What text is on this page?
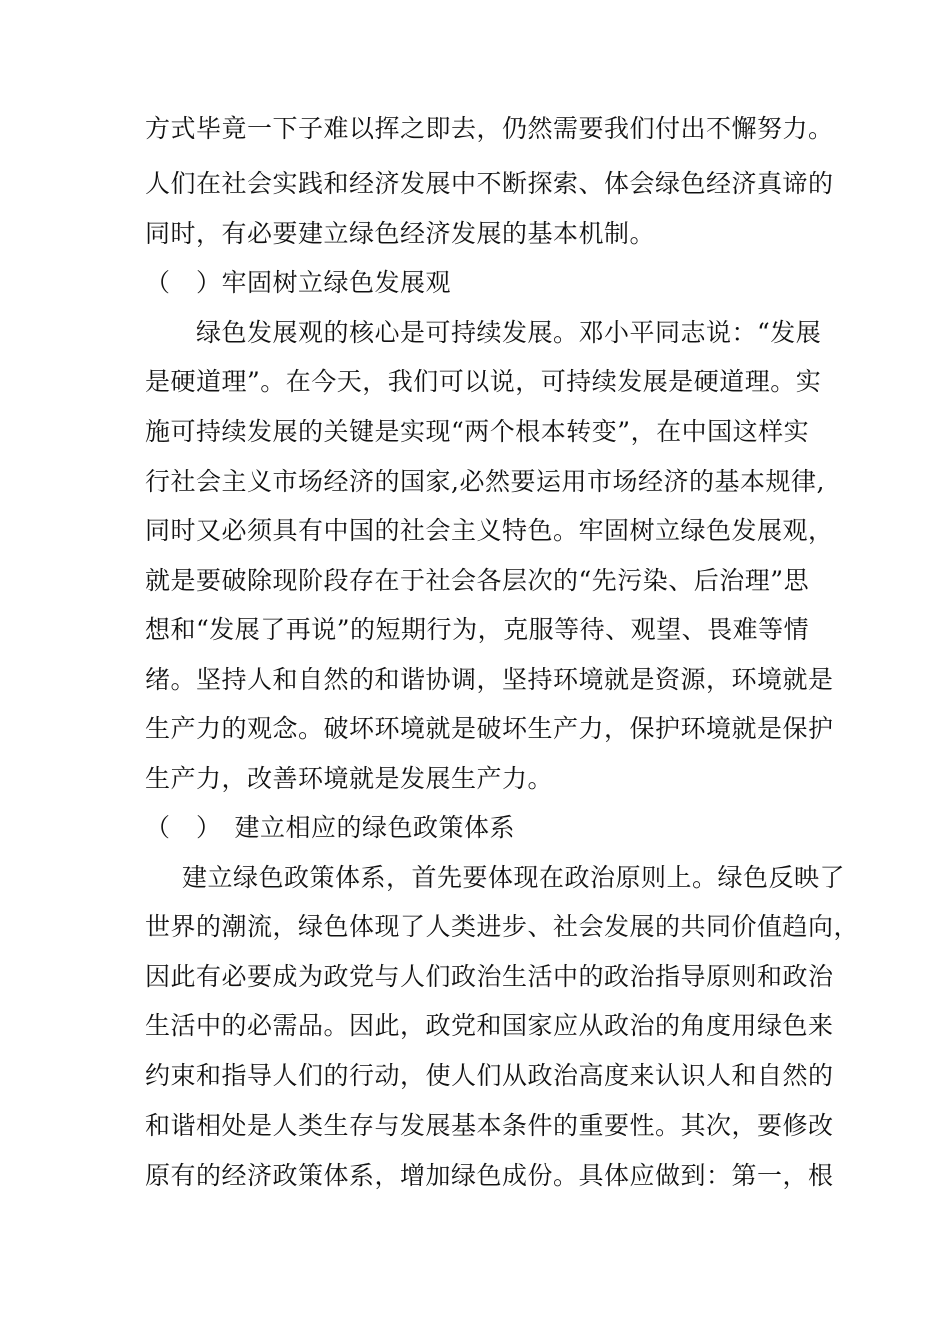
方式毕竟一下子难以挥之即去，仍然需要我们付出不懈努力。
人们在社会实践和经济发展中不断探索、体会绿色经济真谛的
同时，有必要建立绿色经济发展的基本机制。
（　）牢固树立绿色发展观
绿色发展观的核心是可持续发展。邓小平同志说：“发展
是硬道理”。在今天，我们可以说，可持续发展是硬道理。实
施可持续发展的关键是实现“两个根本转变”，在中国这样实
行社会主义市场经济的国家,必然要运用市场经济的基本规律,
同时又必须具有中国的社会主义特色。牢固树立绿色发展观，
就是要破除现阶段存在于社会各层次的“先污染、后治理”思
想和“发展了再说”的短期行为，克服等待、观望、畏难等情
绪。坚持人和自然的和谐协调，坚持环境就是资源，环境就是
生产力的观念。破坏环境就是破坏生产力，保护环境就是保护
生产力，改善环境就是发展生产力。
（　）　建立相应的绿色政策体系
建立绿色政策体系，首先要体现在政治原则上。绿色反映了
世界的潮流，绿色体现了人类进步、社会发展的共同价值趋向，
因此有必要成为政党与人们政治生活中的政治指导原则和政治
生活中的必需品。因此，政党和国家应从政治的角度用绿色来
约束和指导人们的行动，使人们从政治高度来认识人和自然的
和谐相处是人类生存与发展基本条件的重要性。其次，要修改
原有的经济政策体系，增加绿色成份。具体应做到：第一，根
